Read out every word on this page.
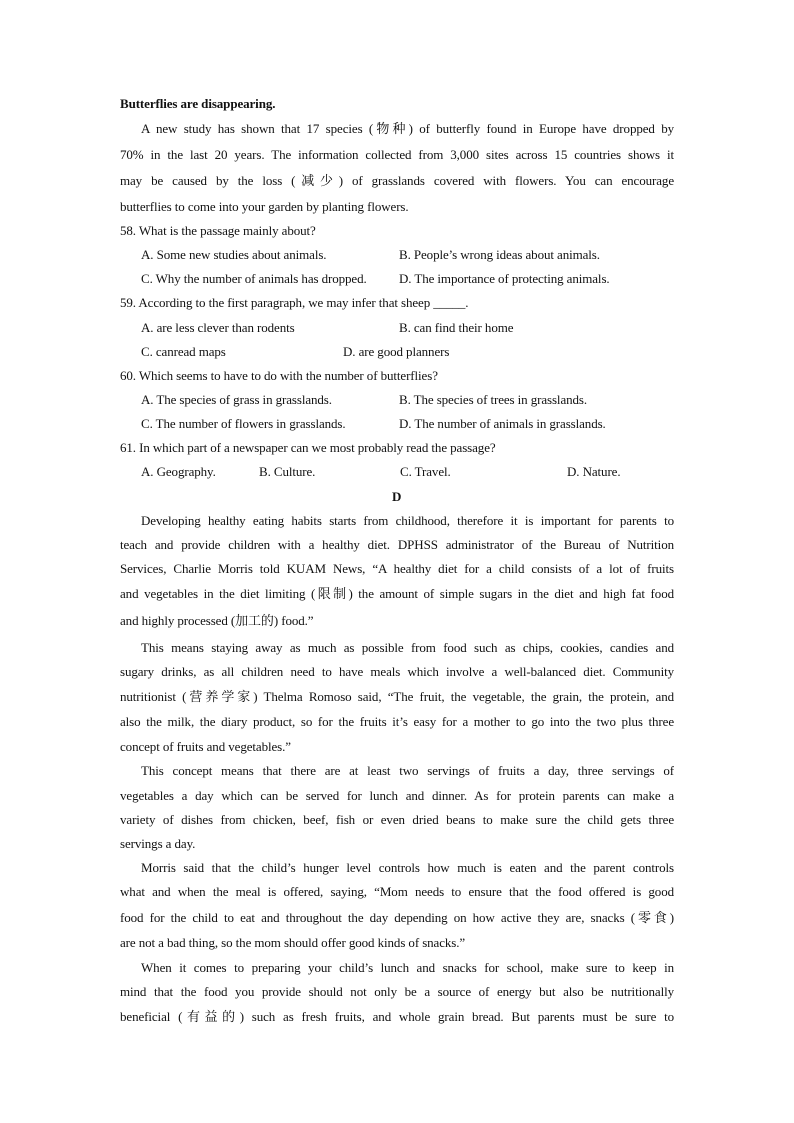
Butterflies are disappearing.
A new study has shown that 17 species (物种) of butterfly found in Europe have dropped by
70% in the last 20 years. The information collected from 3,000 sites across 15 countries shows it
may be caused by the loss (减少) of grasslands covered with flowers. You can encourage
butterflies to come into your garden by planting flowers.
58. What is the passage mainly about?
A. Some new studies about animals.	B. People’s wrong ideas about animals.
C. Why the number of animals has dropped. D. The importance of protecting animals.
59. According to the first paragraph, we may infer that sheep _____.
A. are less clever than rodents	B. can find their home
C. canread maps	D. are good planners
60. Which seems to have to do with the number of butterflies?
A. The species of grass in grasslands.	B. The species of trees in grasslands.
C. The number of flowers in grasslands.	D. The number of animals in grasslands.
61. In which part of a newspaper can we most probably read the passage?
A. Geography.	B. Culture.	C. Travel.	D. Nature.
D
Developing healthy eating habits starts from childhood, therefore it is important for parents to
teach and provide children with a healthy diet. DPHSS administrator of the Bureau of Nutrition
Services, Charlie Morris told KUAM News, “A healthy diet for a child consists of a lot of fruits
and vegetables in the diet limiting (限制) the amount of simple sugars in the diet and high fat food
and highly processed (加工的) food.”
This means staying away as much as possible from food such as chips, cookies, candies and
sugary drinks, as all children need to have meals which involve a well-balanced diet. Community
nutritionist (营养学家) Thelma Romoso said, “The fruit, the vegetable, the grain, the protein, and
also the milk, the diary product, so for the fruits it’s easy for a mother to go into the two plus three
concept of fruits and vegetables.”
This concept means that there are at least two servings of fruits a day, three servings of
vegetables a day which can be served for lunch and dinner. As for protein parents can make a
variety of dishes from chicken, beef, fish or even dried beans to make sure the child gets three
servings a day.
Morris said that the child’s hunger level controls how much is eaten and the parent controls
what and when the meal is offered, saying, “Mom needs to ensure that the food offered is good
food for the child to eat and throughout the day depending on how active they are, snacks (零食)
are not a bad thing, so the mom should offer good kinds of snacks.”
When it comes to preparing your child’s lunch and snacks for school, make sure to keep in
mind that the food you provide should not only be a source of energy but also be nutritionally
beneficial (有益的) such as fresh fruits, and whole grain bread. But parents must be sure to
